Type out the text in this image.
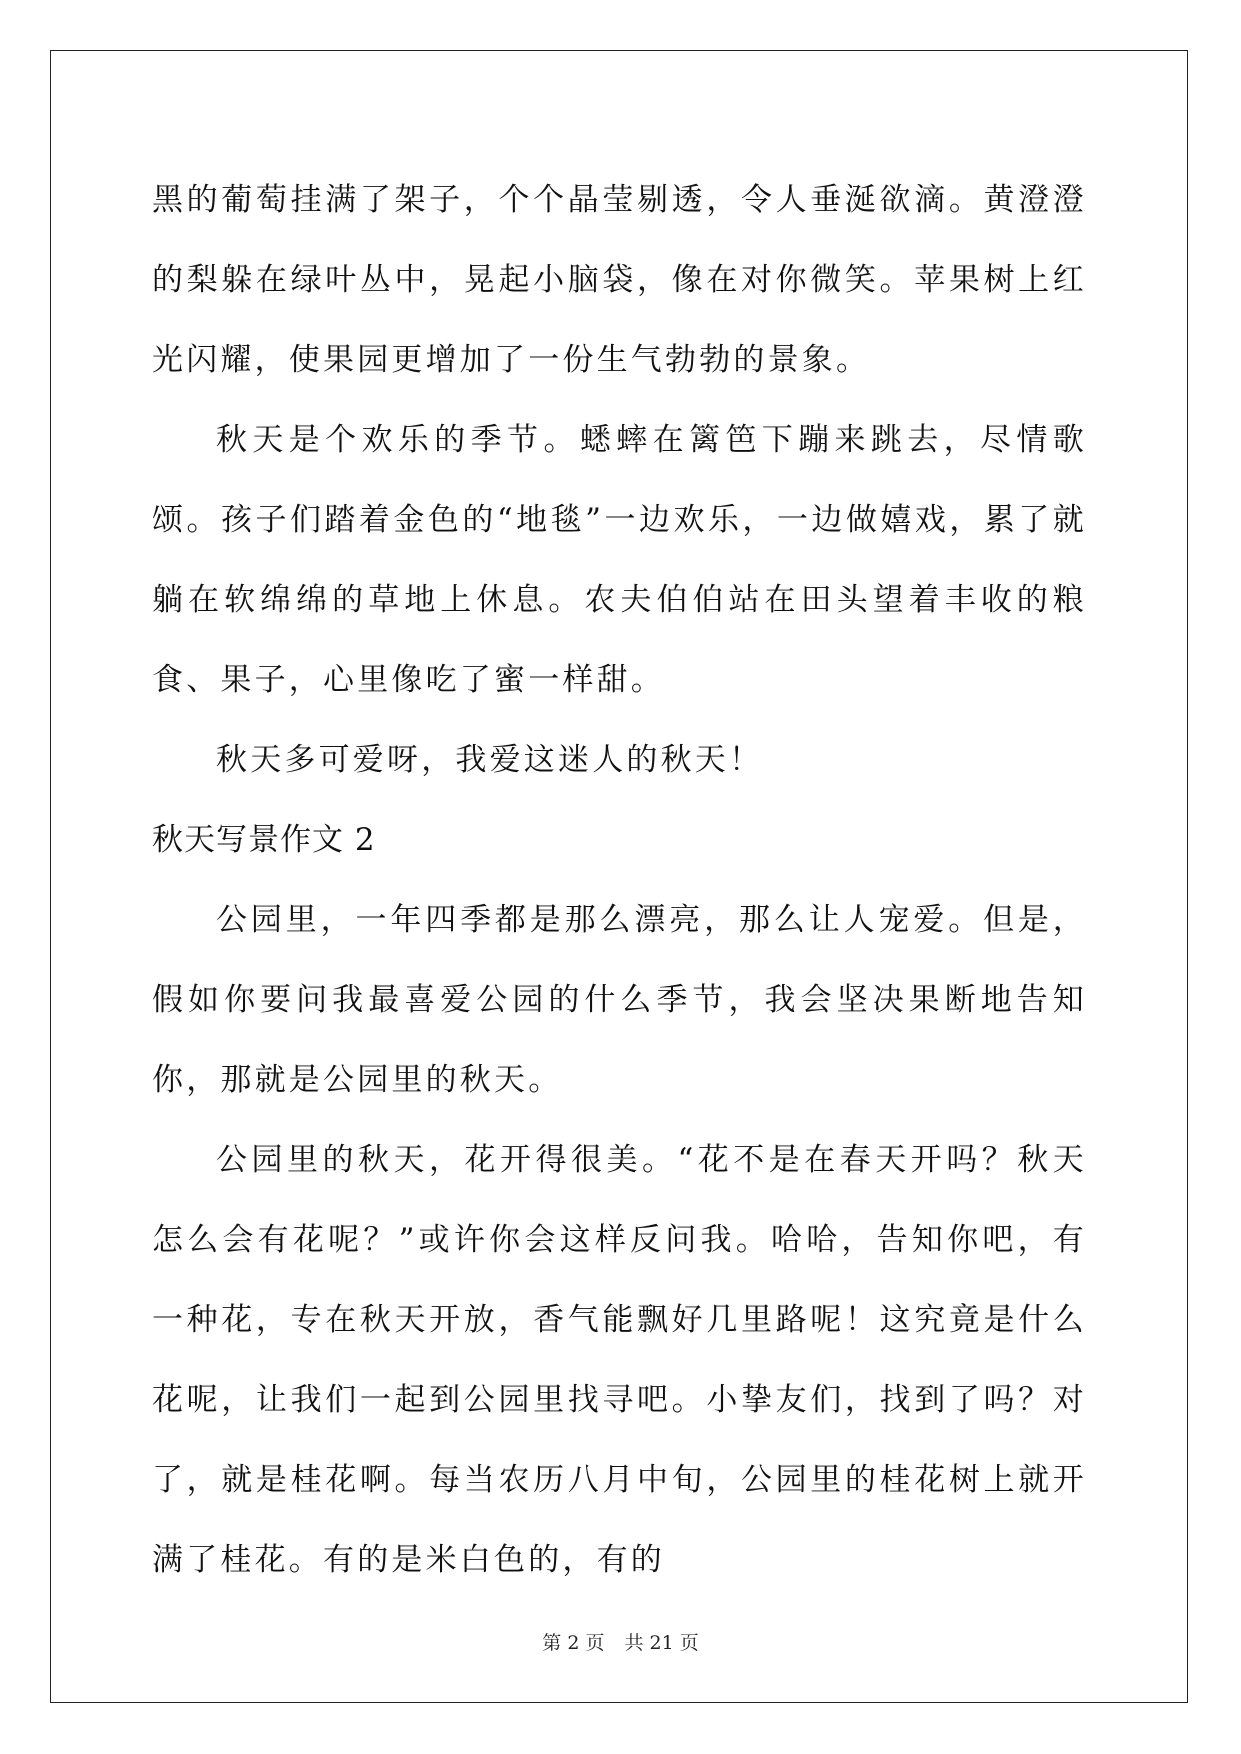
黑的葡萄挂满了架子，个个晶莹剔透，令人垂涎欲滴。黄澄澄的梨躲在绿叶丛中，晃起小脑袋，像在对你微笑。苹果树上红光闪耀，使果园更增加了一份生气勃勃的景象。

秋天是个欢乐的季节。蟋蟀在篱笆下蹦来跳去，尽情歌颂。孩子们踏着金色的“地毯”一边欢乐，一边做嬉戏，累了就躺在软绵绵的草地上休息。农夫伯伯站在田头望着丰收的粮食、果子，心里像吃了蜜一样甜。

秋天多可爱呀，我爱这迷人的秋天！

秋天写景作文 2

公园里，一年四季都是那么漂亮，那么让人宠爱。但是，假如你要问我最喜爱公园的什么季节，我会坚决果断地告知你，那就是公园里的秋天。

公园里的秋天，花开得很美。“花不是在春天开吗？秋天怎么会有花呢？”或许你会这样反问我。哈哈，告知你吧，有一种花，专在秋天开放，香气能飘好几里路呢！这究竟是什么花呢，让我们一起到公园里找寻吧。小挚友们，找到了吗？对了，就是桂花啊。每当农历八月中旬，公园里的桂花树上就开满了桂花。有的是米白色的，有的

第 2 页 共 21 页
